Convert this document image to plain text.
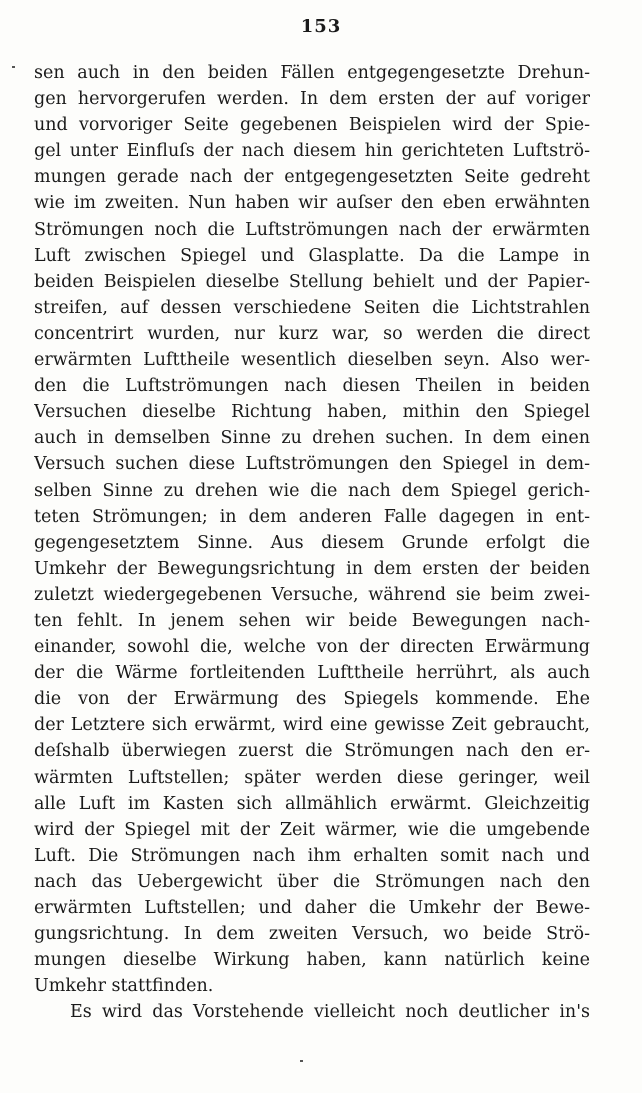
153
sen auch in den beiden Fällen entgegengesetzte Drehun-
gen hervorgerufen werden. In dem ersten der auf voriger
und vorvoriger Seite gegebenen Beispielen wird der Spie-
gel unter Einfluſs der nach diesem hin gerichteten Luftströ-
mungen gerade nach der entgegengesetzten Seite gedreht
wie im zweiten. Nun haben wir auſser den eben erwähnten
Strömungen noch die Luftströmungen nach der erwärmten
Luft zwischen Spiegel und Glasplatte. Da die Lampe in
beiden Beispielen dieselbe Stellung behielt und der Papier-
streifen, auf dessen verschiedene Seiten die Lichtstrahlen
concentrirt wurden, nur kurz war, so werden die direct
erwärmten Lufttheile wesentlich dieselben seyn. Also wer-
den die Luftströmungen nach diesen Theilen in beiden
Versuchen dieselbe Richtung haben, mithin den Spiegel
auch in demselben Sinne zu drehen suchen. In dem einen
Versuch suchen diese Luftströmungen den Spiegel in dem-
selben Sinne zu drehen wie die nach dem Spiegel gerich-
teten Strömungen; in dem anderen Falle dagegen in ent-
gegengesetztem Sinne. Aus diesem Grunde erfolgt die
Umkehr der Bewegungsrichtung in dem ersten der beiden
zuletzt wiedergegebenen Versuche, während sie beim zwei-
ten fehlt. In jenem sehen wir beide Bewegungen nach-
einander, sowohl die, welche von der directen Erwärmung
der die Wärme fortleitenden Lufttheile herrührt, als auch
die von der Erwärmung des Spiegels kommende. Ehe
der Letztere sich erwärmt, wird eine gewisse Zeit gebraucht,
deſshalb überwiegen zuerst die Strömungen nach den er-
wärmten Luftstellen; später werden diese geringer, weil
alle Luft im Kasten sich allmählich erwärmt. Gleichzeitig
wird der Spiegel mit der Zeit wärmer, wie die umgebende
Luft. Die Strömungen nach ihm erhalten somit nach und
nach das Uebergewicht über die Strömungen nach den
erwärmten Luftstellen; und daher die Umkehr der Bewe-
gungsrichtung. In dem zweiten Versuch, wo beide Strö-
mungen dieselbe Wirkung haben, kann natürlich keine
Umkehr stattfinden.
Es wird das Vorstehende vielleicht noch deutlicher in's
